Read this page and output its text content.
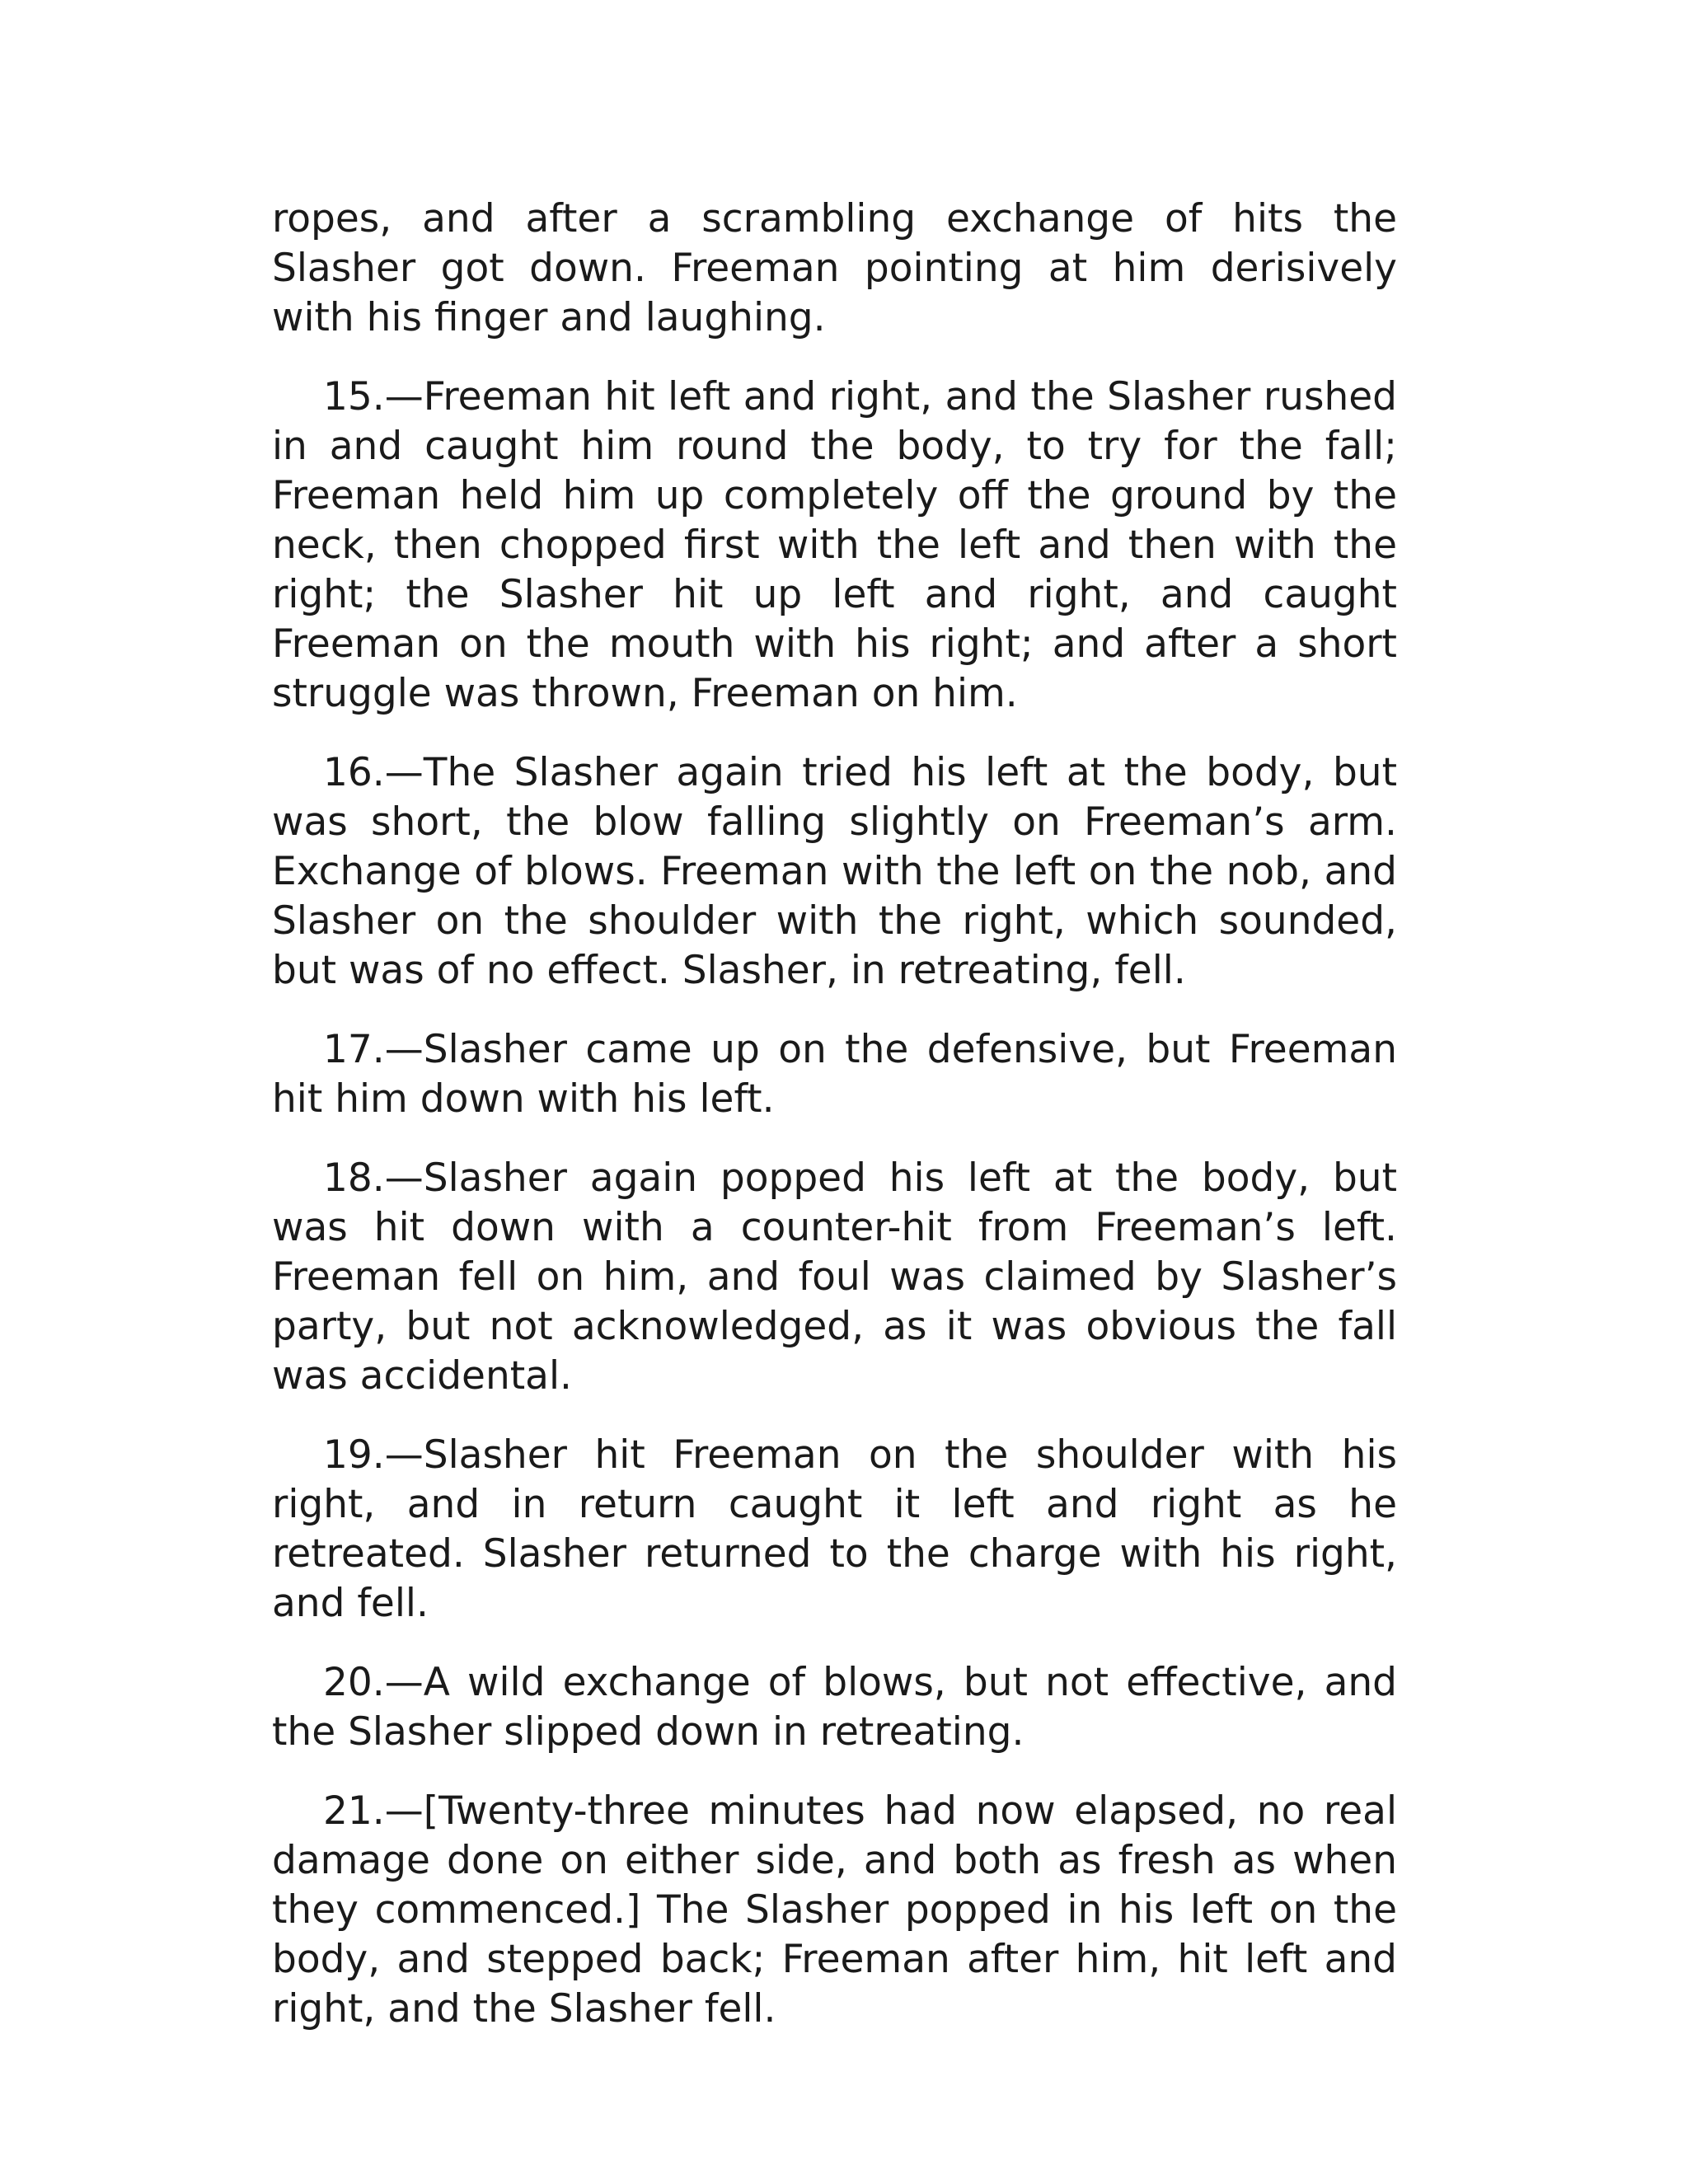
ropes, and after a scrambling exchange of hits the Slasher got down. Freeman pointing at him derisively with his finger and laughing.

15.—Freeman hit left and right, and the Slasher rushed in and caught him round the body, to try for the fall; Freeman held him up completely off the ground by the neck, then chopped first with the left and then with the right; the Slasher hit up left and right, and caught Freeman on the mouth with his right; and after a short struggle was thrown, Freeman on him.

16.—The Slasher again tried his left at the body, but was short, the blow falling slightly on Freeman’s arm. Exchange of blows. Freeman with the left on the nob, and Slasher on the shoulder with the right, which sounded, but was of no effect. Slasher, in retreating, fell.

17.—Slasher came up on the defensive, but Freeman hit him down with his left.

18.—Slasher again popped his left at the body, but was hit down with a counter-hit from Freeman’s left. Freeman fell on him, and foul was claimed by Slasher’s party, but not acknowledged, as it was obvious the fall was accidental.

19.—Slasher hit Freeman on the shoulder with his right, and in return caught it left and right as he retreated. Slasher returned to the charge with his right, and fell.

20.—A wild exchange of blows, but not effective, and the Slasher slipped down in retreating.

21.—[Twenty-three minutes had now elapsed, no real damage done on either side, and both as fresh as when they commenced.] The Slasher popped in his left on the body, and stepped back; Freeman after him, hit left and right, and the Slasher fell.
